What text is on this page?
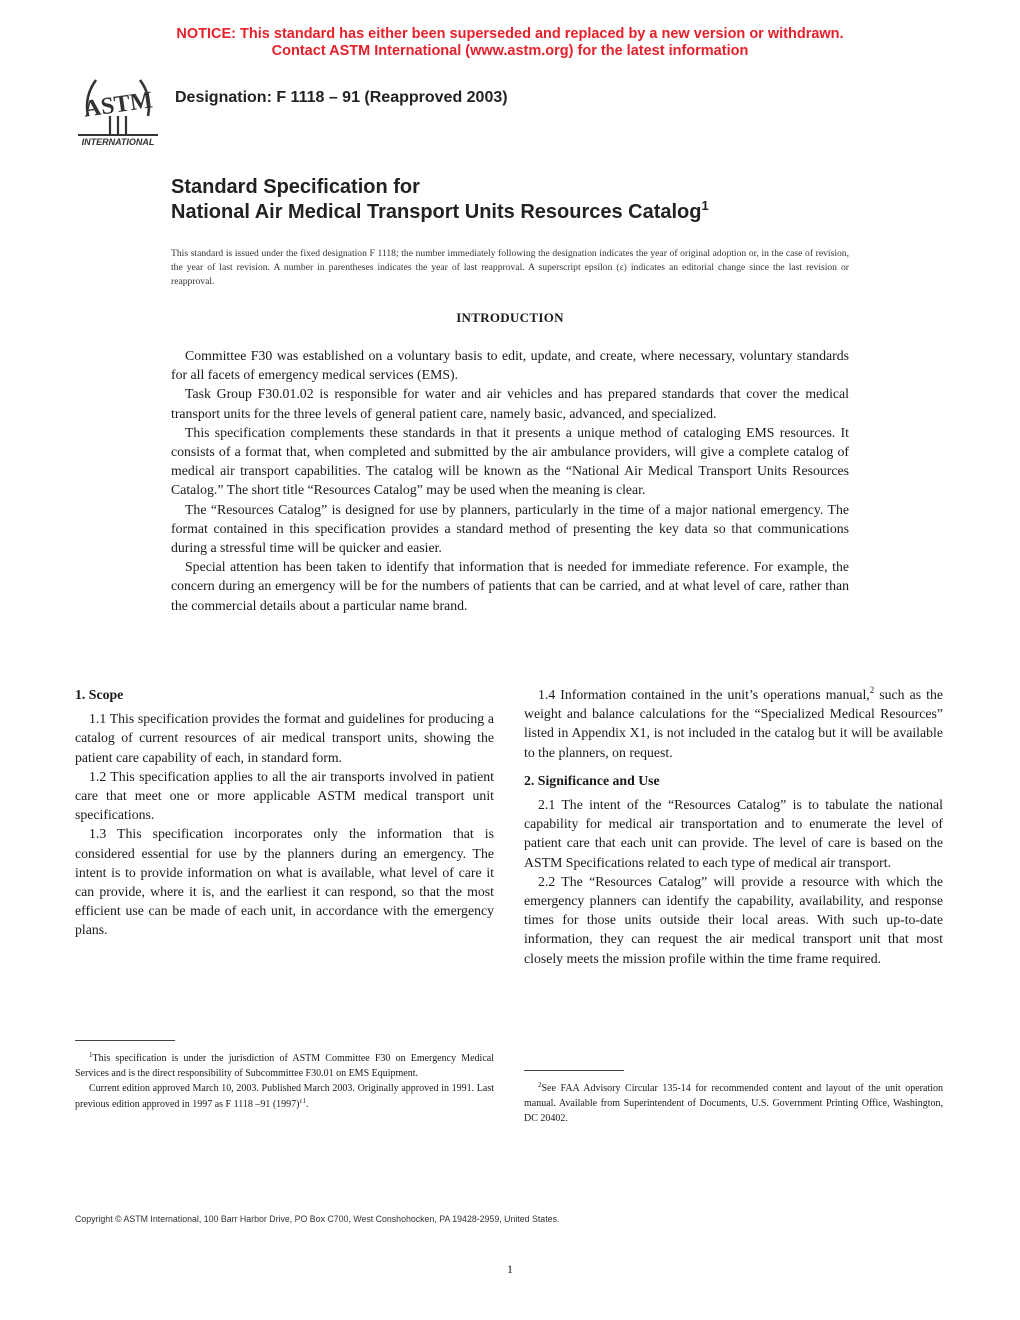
NOTICE: This standard has either been superseded and replaced by a new version or withdrawn.
Contact ASTM International (www.astm.org) for the latest information
ASTM
INTERNATIONAL
Designation: F 1118 – 91 (Reapproved 2003)
Standard Specification for
National Air Medical Transport Units Resources Catalog$^1$
This standard is issued under the fixed designation F 1118; the number immediately following the designation indicates the year of original adoption or, in the case of revision, the year of last revision. A number in parentheses indicates the year of last reapproval. A superscript epsilon (ε) indicates an editorial change since the last revision or reapproval.
INTRODUCTION

Committee F30 was established on a voluntary basis to edit, update, and create, where necessary, voluntary standards for all facets of emergency medical services (EMS).

Task Group F30.01.02 is responsible for water and air vehicles and has prepared standards that cover the medical transport units for the three levels of general patient care, namely basic, advanced, and specialized.

This specification complements these standards in that it presents a unique method of cataloging EMS resources. It consists of a format that, when completed and submitted by the air ambulance providers, will give a complete catalog of medical air transport capabilities. The catalog will be known as the “National Air Medical Transport Units Resources Catalog.” The short title “Resources Catalog” may be used when the meaning is clear.

The “Resources Catalog” is designed for use by planners, particularly in the time of a major national emergency. The format contained in this specification provides a standard method of presenting the key data so that communications during a stressful time will be quicker and easier.

Special attention has been taken to identify that information that is needed for immediate reference. For example, the concern during an emergency will be for the numbers of patients that can be carried, and at what level of care, rather than the commercial details about a particular name brand.

1. Scope

1.1 This specification provides the format and guidelines for producing a catalog of current resources of air medical transport units, showing the patient care capability of each, in standard form.

1.2 This specification applies to all the air transports involved in patient care that meet one or more applicable ASTM medical transport unit specifications.

1.3 This specification incorporates only the information that is considered essential for use by the planners during an emergency. The intent is to provide information on what is available, what level of care it can provide, where it is, and the earliest it can respond, so that the most efficient use can be made of each unit, in accordance with the emergency plans.

1.4 Information contained in the unit’s operations manual,$^2$ such as the weight and balance calculations for the “Specialized Medical Resources” listed in Appendix X1, is not included in the catalog but it will be available to the planners, on request.

2. Significance and Use

2.1 The intent of the “Resources Catalog” is to tabulate the national capability for medical air transportation and to enumerate the level of patient care that each unit can provide. The level of care is based on the ASTM Specifications related to each type of medical air transport.

2.2 The “Resources Catalog” will provide a resource with which the emergency planners can identify the capability, availability, and response times for those units outside their local areas. With such up-to-date information, they can request the air medical transport unit that most closely meets the mission profile within the time frame required.

$^1$This specification is under the jurisdiction of ASTM Committee F30 on Emergency Medical Services and is the direct responsibility of Subcommittee F30.01 on EMS Equipment.

Current edition approved March 10, 2003. Published March 2003. Originally approved in 1991. Last previous edition approved in 1997 as F 1118 –91 $(1997)^{\varepsilon 1}$.

$^2$See FAA Advisory Circular 135-14 for recommended content and layout of the unit operation manual. Available from Superintendent of Documents, U.S. Government Printing Office, Washington, DC 20402.

Copyright © ASTM International, 100 Barr Harbor Drive, PO Box C700, West Conshohocken, PA 19428-2959, United States.
1
